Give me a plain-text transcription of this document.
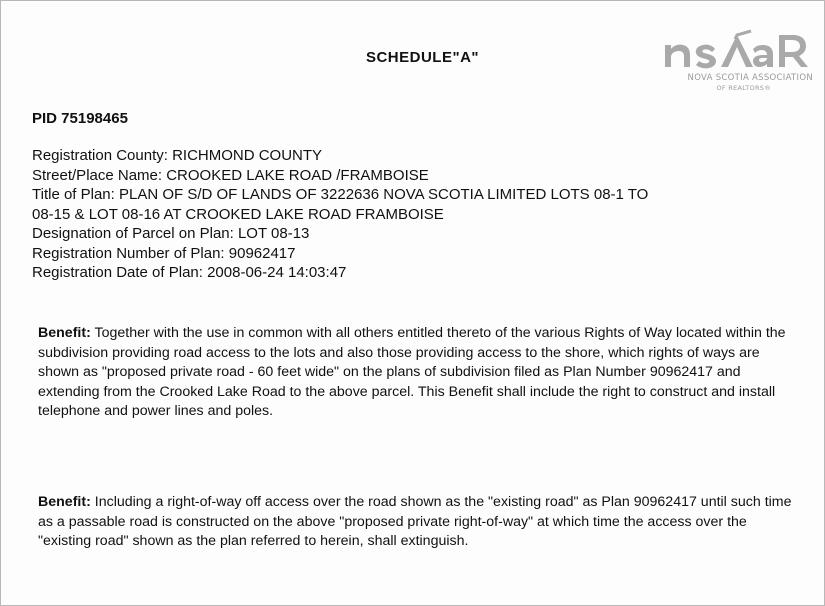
SCHEDULE"A"
NOVA SCOTIA ASSOCIATION
OF REALTORS®
PID 75198465
Registration County: RICHMOND COUNTY
Street/Place Name: CROOKED LAKE ROAD /FRAMBOISE
Title of Plan: PLAN OF S/D OF LANDS OF 3222636 NOVA SCOTIA LIMITED LOTS 08-1 TO
08-15 & LOT 08-16 AT CROOKED LAKE ROAD FRAMBOISE
Designation of Parcel on Plan: LOT 08-13
Registration Number of Plan: 90962417
Registration Date of Plan: 2008-06-24 14:03:47
Benefit: Together with the use in common with all others entitled thereto of the various Rights of Way located within the subdivision providing road access to the lots and also those providing access to the shore, which rights of ways are shown as "proposed private road - 60 feet wide" on the plans of subdivision filed as Plan Number 90962417 and extending from the Crooked Lake Road to the above parcel. This Benefit shall include the right to construct and install telephone and power lines and poles.
Benefit: Including a right-of-way off access over the road shown as the "existing road" as Plan 90962417 until such time as a passable road is constructed on the above "proposed private right-of-way" at which time the access over the "existing road" shown as the plan referred to herein, shall extinguish.
